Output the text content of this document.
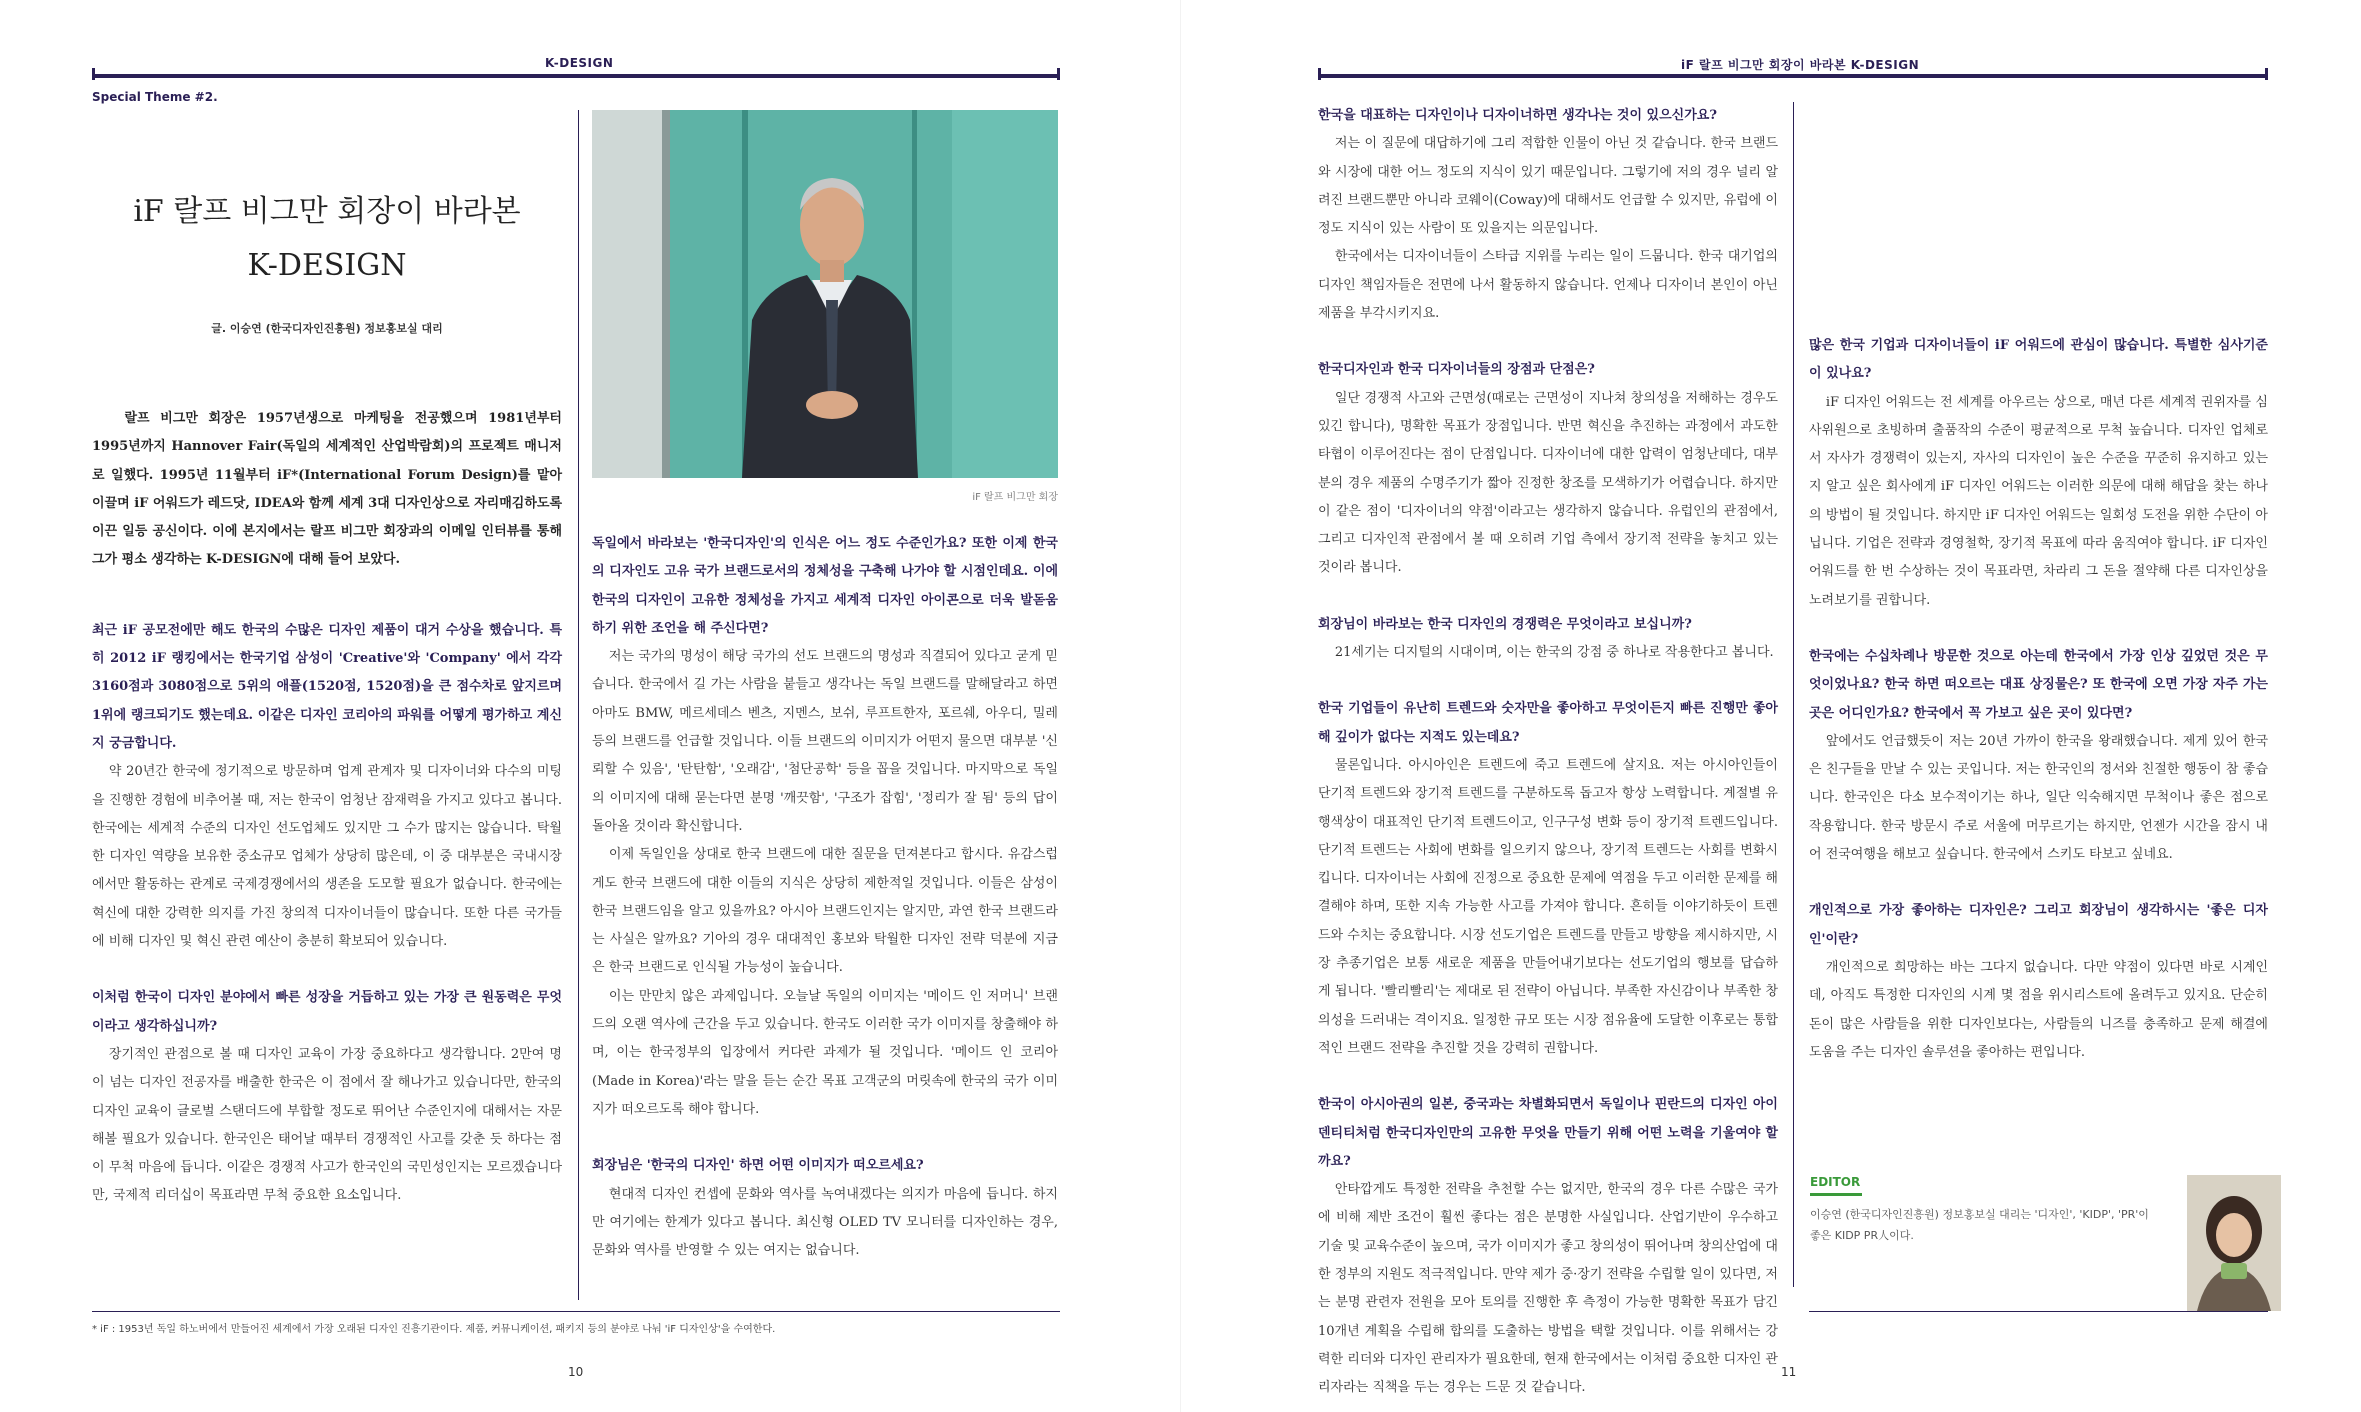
K-DESIGN
Special Theme #2.
iF 랄프 비그만 회장이 바라본
K-DESIGN
글. 이승연 (한국디자인진흥원) 정보홍보실 대리

랄프 비그만 회장은 1957년생으로 마케팅을 전공했으며 1981년부터 1995년까지 Hannover Fair(독일의 세계적인 산업박람회)의 프로젝트 매니저로 일했다. 1995년 11월부터 iF*(International Forum Design)를 맡아 이끌며 iF 어워드가 레드닷, IDEA와 함께 세계 3대 디자인상으로 자리매김하도록 이끈 일등 공신이다. 이에 본지에서는 랄프 비그만 회장과의 이메일 인터뷰를 통해 그가 평소 생각하는 K-DESIGN에 대해 들어 보았다.

최근 iF 공모전에만 해도 한국의 수많은 디자인 제품이 대거 수상을 했습니다. 특히 2012 iF 랭킹에서는 한국기업 삼성이 'Creative'와 'Company' 에서 각각 3160점과 3080점으로 5위의 애플(1520점, 1520점)을 큰 점수차로 앞지르며 1위에 랭크되기도 했는데요. 이같은 디자인 코리아의 파워를 어떻게 평가하고 계신지 궁금합니다.

약 20년간 한국에 정기적으로 방문하며 업계 관계자 및 디자이너와 다수의 미팅을 진행한 경험에 비추어볼 때, 저는 한국이 엄청난 잠재력을 가지고 있다고 봅니다. 한국에는 세계적 수준의 디자인 선도업체도 있지만 그 수가 많지는 않습니다. 탁월한 디자인 역량을 보유한 중소규모 업체가 상당히 많은데, 이 중 대부분은 국내시장에서만 활동하는 관계로 국제경쟁에서의 생존을 도모할 필요가 없습니다. 한국에는 혁신에 대한 강력한 의지를 가진 창의적 디자이너들이 많습니다. 또한 다른 국가들에 비해 디자인 및 혁신 관련 예산이 충분히 확보되어 있습니다.

이처럼 한국이 디자인 분야에서 빠른 성장을 거듭하고 있는 가장 큰 원동력은 무엇이라고 생각하십니까?

장기적인 관점으로 볼 때 디자인 교육이 가장 중요하다고 생각합니다. 2만여 명이 넘는 디자인 전공자를 배출한 한국은 이 점에서 잘 해나가고 있습니다만, 한국의 디자인 교육이 글로벌 스탠더드에 부합할 정도로 뛰어난 수준인지에 대해서는 자문해볼 필요가 있습니다. 한국인은 태어날 때부터 경쟁적인 사고를 갖춘 듯 하다는 점이 무척 마음에 듭니다. 이같은 경쟁적 사고가 한국인의 국민성인지는 모르겠습니다만, 국제적 리더십이 목표라면 무척 중요한 요소입니다.

iF 랄프 비그만 회장

독일에서 바라보는 '한국디자인'의 인식은 어느 정도 수준인가요? 또한 이제 한국의 디자인도 고유 국가 브랜드로서의 정체성을 구축해 나가야 할 시점인데요. 이에 한국의 디자인이 고유한 정체성을 가지고 세계적 디자인 아이콘으로 더욱 발돋움하기 위한 조언을 해 주신다면?

저는 국가의 명성이 해당 국가의 선도 브랜드의 명성과 직결되어 있다고 굳게 믿습니다. 한국에서 길 가는 사람을 붙들고 생각나는 독일 브랜드를 말해달라고 하면 아마도 BMW, 메르세데스 벤츠, 지멘스, 보쉬, 루프트한자, 포르쉐, 아우디, 밀레 등의 브랜드를 언급할 것입니다. 이들 브랜드의 이미지가 어떤지 물으면 대부분 '신뢰할 수 있음', '탄탄함', '오래감', '첨단공학' 등을 꼽을 것입니다. 마지막으로 독일의 이미지에 대해 묻는다면 분명 '깨끗함', '구조가 잡힘', '정리가 잘 됨' 등의 답이 돌아올 것이라 확신합니다.

이제 독일인을 상대로 한국 브랜드에 대한 질문을 던져본다고 합시다. 유감스럽게도 한국 브랜드에 대한 이들의 지식은 상당히 제한적일 것입니다. 이들은 삼성이 한국 브랜드임을 알고 있을까요? 아시아 브랜드인지는 알지만, 과연 한국 브랜드라는 사실은 알까요? 기아의 경우 대대적인 홍보와 탁월한 디자인 전략 덕분에 지금은 한국 브랜드로 인식될 가능성이 높습니다.

이는 만만치 않은 과제입니다. 오늘날 독일의 이미지는 '메이드 인 저머니' 브랜드의 오랜 역사에 근간을 두고 있습니다. 한국도 이러한 국가 이미지를 창출해야 하며, 이는 한국정부의 입장에서 커다란 과제가 될 것입니다. '메이드 인 코리아(Made in Korea)'라는 말을 듣는 순간 목표 고객군의 머릿속에 한국의 국가 이미지가 떠오르도록 해야 합니다.

회장님은 '한국의 디자인' 하면 어떤 이미지가 떠오르세요?

현대적 디자인 컨셉에 문화와 역사를 녹여내겠다는 의지가 마음에 듭니다. 하지만 여기에는 한계가 있다고 봅니다. 최신형 OLED TV 모니터를 디자인하는 경우, 문화와 역사를 반영할 수 있는 여지는 없습니다.

* iF : 1953년 독일 하노버에서 만들어진 세계에서 가장 오래된 디자인 진흥기관이다. 제품, 커뮤니케이션, 패키지 등의 분야로 나눠 'iF 디자인상'을 수여한다.
10
iF 랄프 비그만 회장이 바라본 K-DESIGN

한국을 대표하는 디자인이나 디자이너하면 생각나는 것이 있으신가요?

저는 이 질문에 대답하기에 그리 적합한 인물이 아닌 것 같습니다. 한국 브랜드와 시장에 대한 어느 정도의 지식이 있기 때문입니다. 그렇기에 저의 경우 널리 알려진 브랜드뿐만 아니라 코웨이(Coway)에 대해서도 언급할 수 있지만, 유럽에 이 정도 지식이 있는 사람이 또 있을지는 의문입니다.

한국에서는 디자이너들이 스타급 지위를 누리는 일이 드뭅니다. 한국 대기업의 디자인 책임자들은 전면에 나서 활동하지 않습니다. 언제나 디자이너 본인이 아닌 제품을 부각시키지요.

한국디자인과 한국 디자이너들의 장점과 단점은?

일단 경쟁적 사고와 근면성(때로는 근면성이 지나쳐 창의성을 저해하는 경우도 있긴 합니다), 명확한 목표가 장점입니다. 반면 혁신을 추진하는 과정에서 과도한 타협이 이루어진다는 점이 단점입니다. 디자이너에 대한 압력이 엄청난데다, 대부분의 경우 제품의 수명주기가 짧아 진정한 창조를 모색하기가 어렵습니다. 하지만 이 같은 점이 '디자이너의 약점'이라고는 생각하지 않습니다. 유럽인의 관점에서, 그리고 디자인적 관점에서 볼 때 오히려 기업 측에서 장기적 전략을 놓치고 있는 것이라 봅니다.

회장님이 바라보는 한국 디자인의 경쟁력은 무엇이라고 보십니까?

21세기는 디지털의 시대이며, 이는 한국의 강점 중 하나로 작용한다고 봅니다.

한국 기업들이 유난히 트렌드와 숫자만을 좋아하고 무엇이든지 빠른 진행만 좋아해 깊이가 없다는 지적도 있는데요?

물론입니다. 아시아인은 트렌드에 죽고 트렌드에 살지요. 저는 아시아인들이 단기적 트렌드와 장기적 트렌드를 구분하도록 돕고자 항상 노력합니다. 계절별 유행색상이 대표적인 단기적 트렌드이고, 인구구성 변화 등이 장기적 트렌드입니다. 단기적 트렌드는 사회에 변화를 일으키지 않으나, 장기적 트렌드는 사회를 변화시킵니다. 디자이너는 사회에 진정으로 중요한 문제에 역점을 두고 이러한 문제를 해결해야 하며, 또한 지속 가능한 사고를 가져야 합니다. 흔히들 이야기하듯이 트렌드와 수치는 중요합니다. 시장 선도기업은 트렌드를 만들고 방향을 제시하지만, 시장 추종기업은 보통 새로운 제품을 만들어내기보다는 선도기업의 행보를 답습하게 됩니다. '빨리빨리'는 제대로 된 전략이 아닙니다. 부족한 자신감이나 부족한 창의성을 드러내는 격이지요. 일정한 규모 또는 시장 점유율에 도달한 이후로는 통합적인 브랜드 전략을 추진할 것을 강력히 권합니다.

한국이 아시아권의 일본, 중국과는 차별화되면서 독일이나 핀란드의 디자인 아이덴티티처럼 한국디자인만의 고유한 무엇을 만들기 위해 어떤 노력을 기울여야 할까요?

안타깝게도 특정한 전략을 추천할 수는 없지만, 한국의 경우 다른 수많은 국가에 비해 제반 조건이 훨씬 좋다는 점은 분명한 사실입니다. 산업기반이 우수하고 기술 및 교육수준이 높으며, 국가 이미지가 좋고 창의성이 뛰어나며 창의산업에 대한 정부의 지원도 적극적입니다. 만약 제가 중·장기 전략을 수립할 일이 있다면, 저는 분명 관련자 전원을 모아 토의를 진행한 후 측정이 가능한 명확한 목표가 담긴 10개년 계획을 수립해 합의를 도출하는 방법을 택할 것입니다. 이를 위해서는 강력한 리더와 디자인 관리자가 필요한데, 현재 한국에서는 이처럼 중요한 디자인 관리자라는 직책을 두는 경우는 드문 것 같습니다.

많은 한국 기업과 디자이너들이 iF 어워드에 관심이 많습니다. 특별한 심사기준이 있나요?

iF 디자인 어워드는 전 세계를 아우르는 상으로, 매년 다른 세계적 권위자를 심사위원으로 초빙하며 출품작의 수준이 평균적으로 무척 높습니다. 디자인 업체로서 자사가 경쟁력이 있는지, 자사의 디자인이 높은 수준을 꾸준히 유지하고 있는지 알고 싶은 회사에게 iF 디자인 어워드는 이러한 의문에 대해 해답을 찾는 하나의 방법이 될 것입니다. 하지만 iF 디자인 어워드는 일회성 도전을 위한 수단이 아닙니다. 기업은 전략과 경영철학, 장기적 목표에 따라 움직여야 합니다. iF 디자인 어워드를 한 번 수상하는 것이 목표라면, 차라리 그 돈을 절약해 다른 디자인상을 노려보기를 권합니다.

한국에는 수십차례나 방문한 것으로 아는데 한국에서 가장 인상 깊었던 것은 무엇이었나요? 한국 하면 떠오르는 대표 상징물은? 또 한국에 오면 가장 자주 가는 곳은 어디인가요? 한국에서 꼭 가보고 싶은 곳이 있다면?

앞에서도 언급했듯이 저는 20년 가까이 한국을 왕래했습니다. 제게 있어 한국은 친구들을 만날 수 있는 곳입니다. 저는 한국인의 정서와 친절한 행동이 참 좋습니다. 한국인은 다소 보수적이기는 하나, 일단 익숙해지면 무척이나 좋은 점으로 작용합니다. 한국 방문시 주로 서울에 머무르기는 하지만, 언젠가 시간을 잠시 내어 전국여행을 해보고 싶습니다. 한국에서 스키도 타보고 싶네요.

개인적으로 가장 좋아하는 디자인은? 그리고 회장님이 생각하시는 '좋은 디자인'이란?

개인적으로 희망하는 바는 그다지 없습니다. 다만 약점이 있다면 바로 시계인데, 아직도 특정한 디자인의 시계 몇 점을 위시리스트에 올려두고 있지요. 단순히 돈이 많은 사람들을 위한 디자인보다는, 사람들의 니즈를 충족하고 문제 해결에 도움을 주는 디자인 솔루션을 좋아하는 편입니다.

11
EDITOR
이승연 (한국디자인진흥원) 정보홍보실 대리는 '디자인', 'KIDP', 'PR'이 좋은 KIDP PR人이다.
